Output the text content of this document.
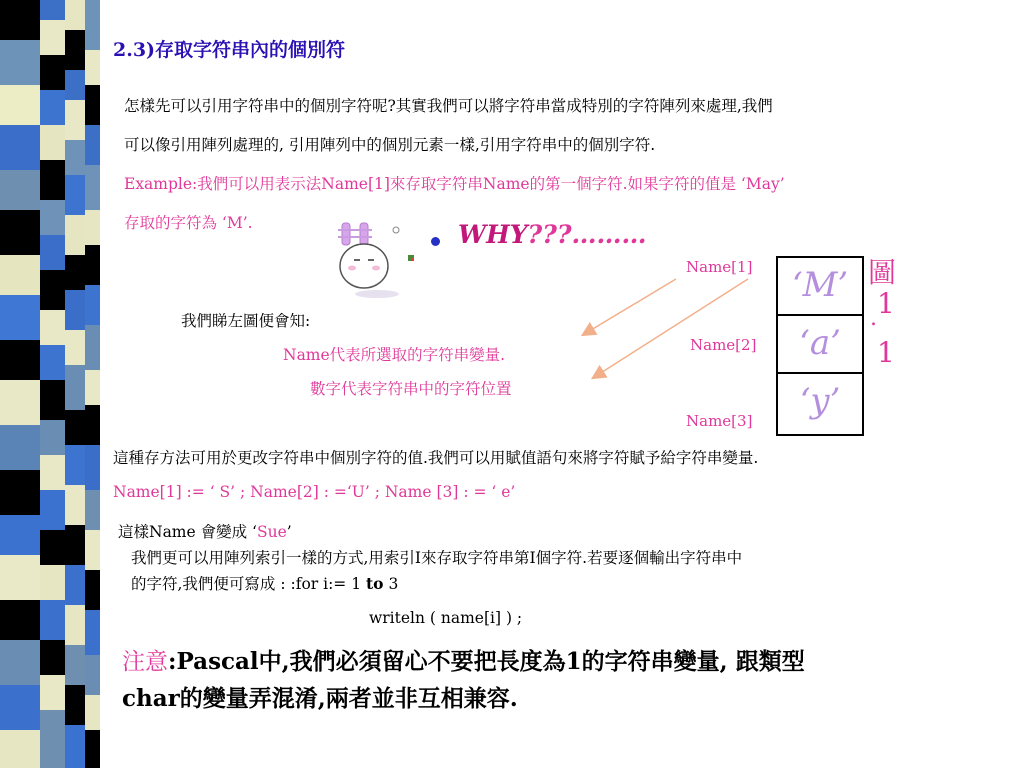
2.3)存取字符串內的個別符
怎樣先可以引用字符串中的個別字符呢?其實我們可以將字符串當成特別的字符陣列來處理,我們
可以像引用陣列處理的, 引用陣列中的個別元素一樣,引用字符串中的個別字符.
Example:我們可以用表示法Name[1]來存取字符串Name的第一個字符.如果字符的值是 ‘May’
存取的字符為 ‘M’.	WHY???………
Name[1]
Name[2]
Name[3]
‘M’
‘a’
‘y’
圖
1
.
1
我們睇左圖便會知:
Name代表所選取的字符串變量.
數字代表字符串中的字符位置
這種存方法可用於更改字符串中個別字符的值.我們可以用賦值語句來將字符賦予給字符串變量.
Name[1] := ‘ S’ ; Name[2] : =‘U’ ; Name [3] : = ‘ e’
這樣Name 會變成 ‘Sue’
我們更可以用陣列索引一樣的方式,用索引I來存取字符串第I個字符.若要逐個輸出字符串中
的字符,我們便可寫成 : :for i:= 1 to 3
writeln ( name[i] ) ;
注意:Pascal中,我們必須留心不要把長度為1的字符串變量, 跟類型
char的變量弄混淆,兩者並非互相兼容.
